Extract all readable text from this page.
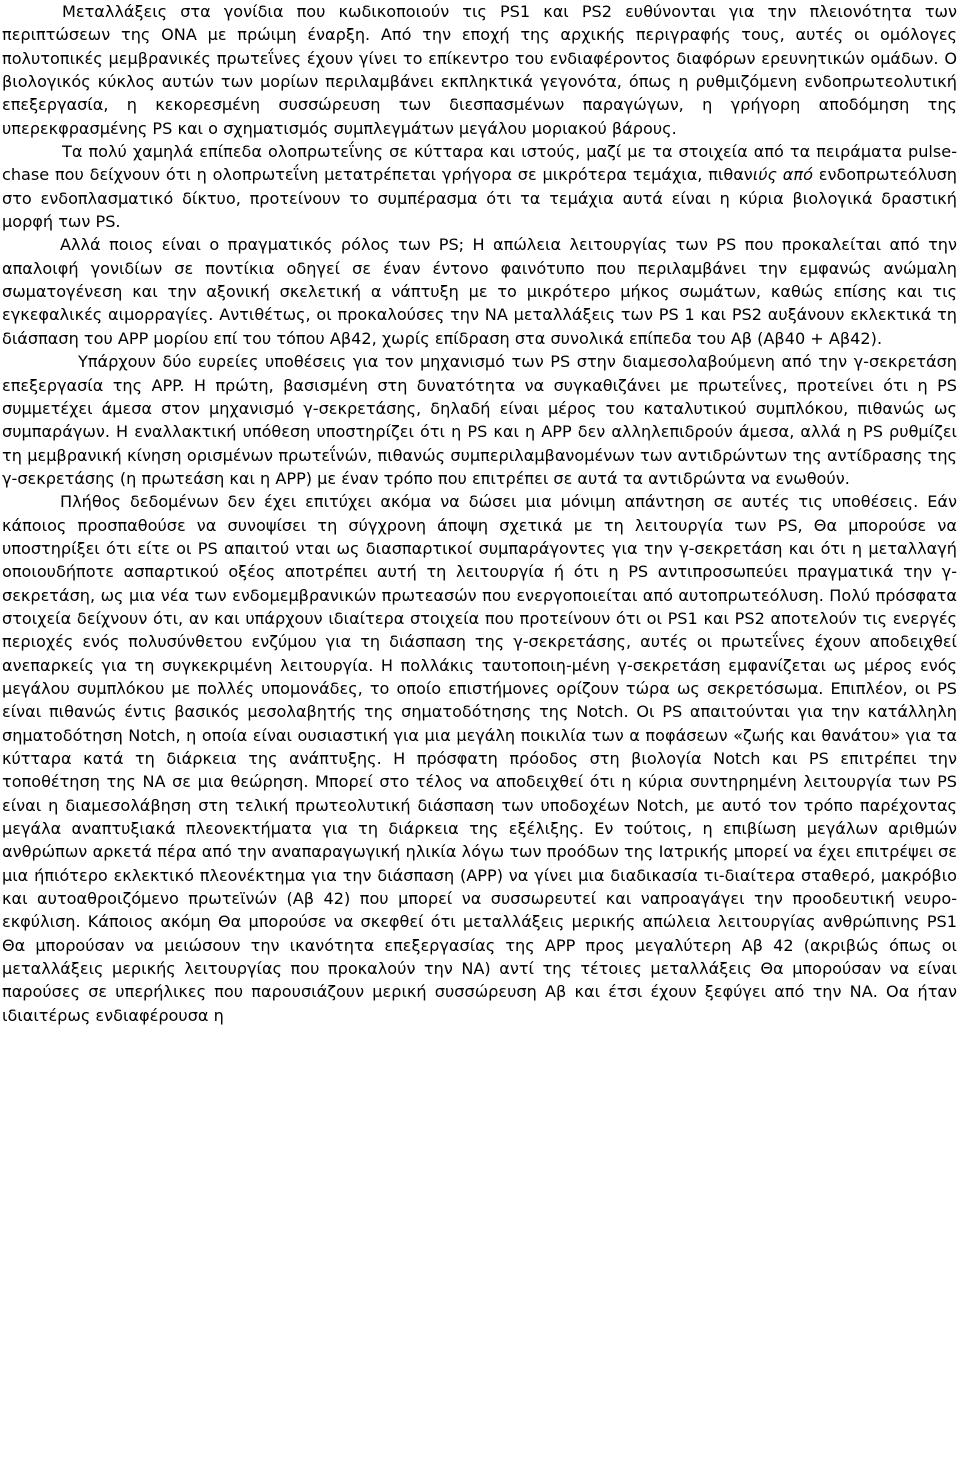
Μεταλλάξεις στα γονίδια που κωδικοποιούν τις PS1 και PS2 ευθύνονται για την πλειονότητα των περιπτώσεων της ΟΝΑ με πρώιμη έναρξη. Από την εποχή της αρχικής περιγραφής τους, αυτές οι ομόλογες πολυτοπικές μεμβρανικές πρωτεΐνες έχουν γίνει το επίκεντρο του ενδιαφέροντος διαφόρων ερευνητικών ομάδων. Ο βιολογικός κύκλος αυτών των μορίων περιλαμβάνει εκπληκτικά γεγονότα, όπως η ρυθμιζόμενη ενδοπρωτεολυτική επεξεργασία, η κεκορεσμένη συσσώρευση των διεσπασμένων παραγώγων, η γρήγορη αποδόμηση της υπερεκφρασμένης PS και ο σχηματισμός συμπλεγμάτων μεγάλου μοριακού βάρους.

Τα πολύ χαμηλά επίπεδα ολοπρωτεΐνης σε κύτταρα και ιστούς, μαζί με τα στοιχεία από τα πειράματα pulse-chase που δείχνουν ότι η ολοπρωτεΐνη μετατρέπεται γρήγορα σε μικρότερα τεμάχια, πιθανιύς από ενδοπρωτεόλυση στο ενδοπλασματικό δίκτυο, προτείνουν το συμπέρασμα ότι τα τεμάχια αυτά είναι η κύρια βιολογικά δραστική μορφή των PS.

Αλλά ποιος είναι ο πραγματικός ρόλος των PS; Η απώλεια λειτουργίας των PS που προκαλείται από την απαλοιφή γονιδίων σε ποντίκια οδηγεί σε έναν έντονο φαινότυπο που περιλαμβάνει την εμφανώς ανώμαλη σωματογένεση και την αξονική σκελετική α νάπτυξη με το μικρότερο μήκος σωμάτων, καθώς επίσης και τις εγκεφαλικές αιμορραγίες. Αντιθέτως, οι προκαλούσες την ΝΑ μεταλλάξεις των PS 1 και PS2 αυξάνουν εκλεκτικά τη διάσπαση του APP μορίου επί του τόπου Αβ42, χωρίς επίδραση στα συνολικά επίπεδα του Αβ (Αβ40 + Αβ42).

Υπάρχουν δύο ευρείες υποθέσεις για τον μηχανισμό των PS στην διαμεσολαβούμενη από την γ-σεκρετάση επεξεργασία της APP. Η πρώτη, βασισμένη στη δυνατότητα να συγκαθιζάνει με πρωτεΐνες, προτείνει ότι η PS συμμετέχει άμεσα στον μηχανισμό γ-σεκρετάσης, δηλαδή είναι μέρος του καταλυτικού συμπλόκου, πιθανώς ως συμπαράγων. Η εναλλακτική υπόθεση υποστηρίζει ότι η PS και η APP δεν αλληλεπιδρούν άμεσα, αλλά η PS ρυθμίζει τη μεμβρανική κίνηση ορισμένων πρωτεΐνών, πιθανώς συμπεριλαμβανομένων των αντιδρώντων της αντίδρασης της γ-σεκρετάσης (η πρωτεάση και η APP) με έναν τρόπο που επιτρέπει σε αυτά τα αντιδρώντα να ενωθούν.

Πλήθος δεδομένων δεν έχει επιτύχει ακόμα να δώσει μια μόνιμη απάντηση σε αυτές τις υποθέσεις. Εάν κάποιος προσπαθούσε να συνοψίσει τη σύγχρονη άποψη σχετικά με τη λειτουργία των PS, Θα μπορούσε να υποστηρίξει ότι είτε οι PS απαιτού νται ως διασπαρτικοί συμπαράγοντες για την γ-σεκρετάση και ότι η μεταλλαγή οποιουδήποτε ασπαρτικού οξέος αποτρέπει αυτή τη λειτουργία ή ότι η PS αντιπροσωπεύει πραγματικά την γ-σεκρετάση, ως μια νέα των ενδομεμβρανικών πρωτεασών που ενεργοποιείται από αυτοπρωτεόλυση. Πολύ πρόσφατα στοιχεία δείχνουν ότι, αν και υπάρχουν ιδιαίτερα στοιχεία που προτείνουν ότι οι PS1 και PS2 αποτελούν τις ενεργές περιοχές ενός πολυσύνθετου ενζύμου για τη διάσπαση της γ-σεκρετάσης, αυτές οι πρωτεΐνες έχουν αποδειχθεί ανεπαρκείς για τη συγκεκριμένη λειτουργία. Η πολλάκις ταυτοποιη-μένη γ-σεκρετάση εμφανίζεται ως μέρος ενός μεγάλου συμπλόκου με πολλές υπομονάδες, το οποίο επιστήμονες ορίζουν τώρα ως σεκρετόσωμα. Επιπλέον, οι PS είναι πιθανώς έντις βασικός μεσολαβητής της σηματοδότησης της Notch. Οι PS απαιτούνται για την κατάλληλη σηματοδότηση Notch, η οποία είναι ουσιαστική για μια μεγάλη ποικιλία των α ποφάσεων «ζωής και θανάτου» για τα κύτταρα κατά τη διάρκεια της ανάπτυξης. Η πρόσφατη πρόοδος στη βιολογία Notch και PS επιτρέπει την τοποθέτηση της ΝΑ σε μια θεώρηση. Μπορεί στο τέλος να αποδειχθεί ότι η κύρια συντηρημένη λειτουργία των PS είναι η διαμεσολάβηση στη τελική πρωτεολυτική διάσπαση των υποδοχέων Notch, με αυτό τον τρόπο παρέχοντας μεγάλα αναπτυξιακά πλεονεκτήματα για τη διάρκεια της εξέλιξης. Εν τούτοις, η επιβίωση μεγάλων αριθμών ανθρώπων αρκετά πέρα από την αναπαραγωγική ηλικία λόγω των προόδων της Ιατρικής μπορεί να έχει επιτρέψει σε μια ήπιότερο εκλεκτικό πλεονέκτημα για την διάσπαση (APP) να γίνει μια διαδικασία τι-διαίτερα σταθερό, μακρόβιο και αυτοαθροιζόμενο πρωτεϊνών (Αβ 42) που μπορεί να συσσωρευτεί και ναπροαγάγει την προοδευτική νευρο-εκφύλιση. Κάποιος ακόμη Θα μπορούσε να σκεφθεί ότι μεταλλάξεις μερικής απώλεια λειτουργίας ανθρώπινης PS1 Θα μπορούσαν να μειώσουν την ικανότητα επεξεργασίας της APP προς μεγαλύτερη Αβ 42 (ακριβώς όπως οι μεταλλάξεις μερικής λειτουργίας που προκαλούν την ΝΑ) αντί της τέτοιες μεταλλάξεις Θα μπορούσαν να είναι παρούσες σε υπερήλικες που παρουσιάζουν μερική συσσώρευση Αβ και έτσι έχουν ξεφύγει από την ΝΑ. Οα ήταν ιδιαιτέρως ενδιαφέρουσα η
